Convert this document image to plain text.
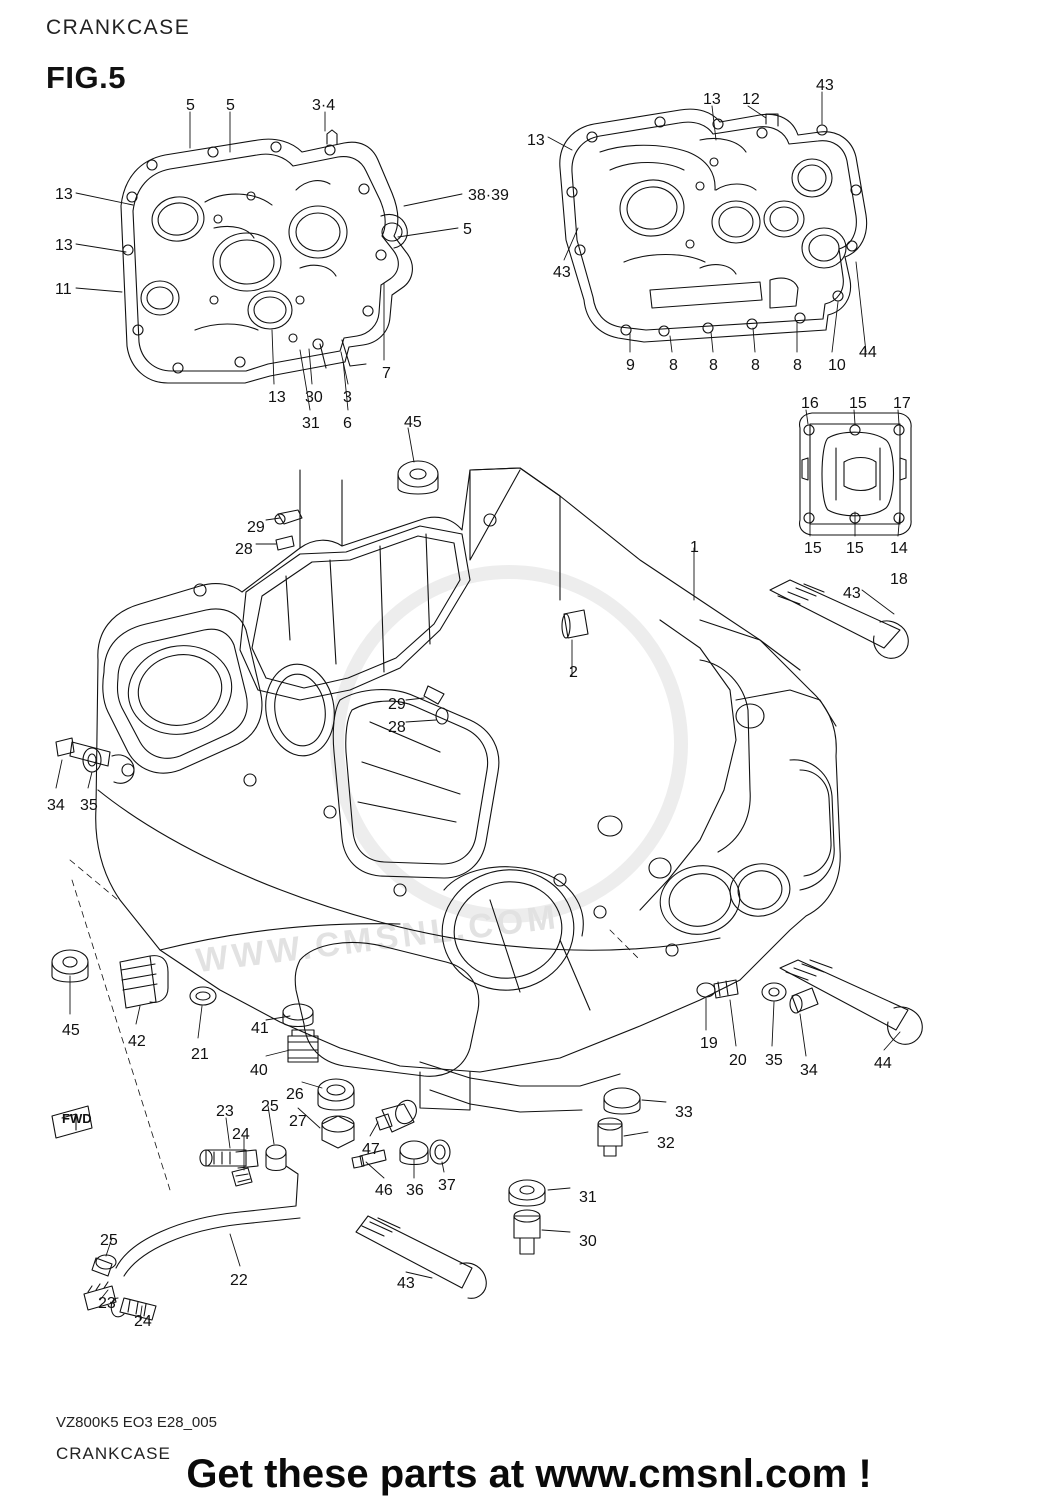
CRANKCASE
FIG.5
WWW.CMSNL.COM
5 5	3·4	13 12
43
13
13	38·39
5
13
43
11
9 8 8 8 8 10
44
7
13 30 3
31 6
16 15 17
45
15 15 14
18
29
28	1
43
2
29
28
34 35
45
42
21
41
40
26
23 25
27
24
47
46 36 37
19
20 35
34	44
33
32
31
30
25
22	43
23
24
FWD
VZ800K5 EO3 E28_005
CRANKCASE Get these parts at www.cmsnl.com !
